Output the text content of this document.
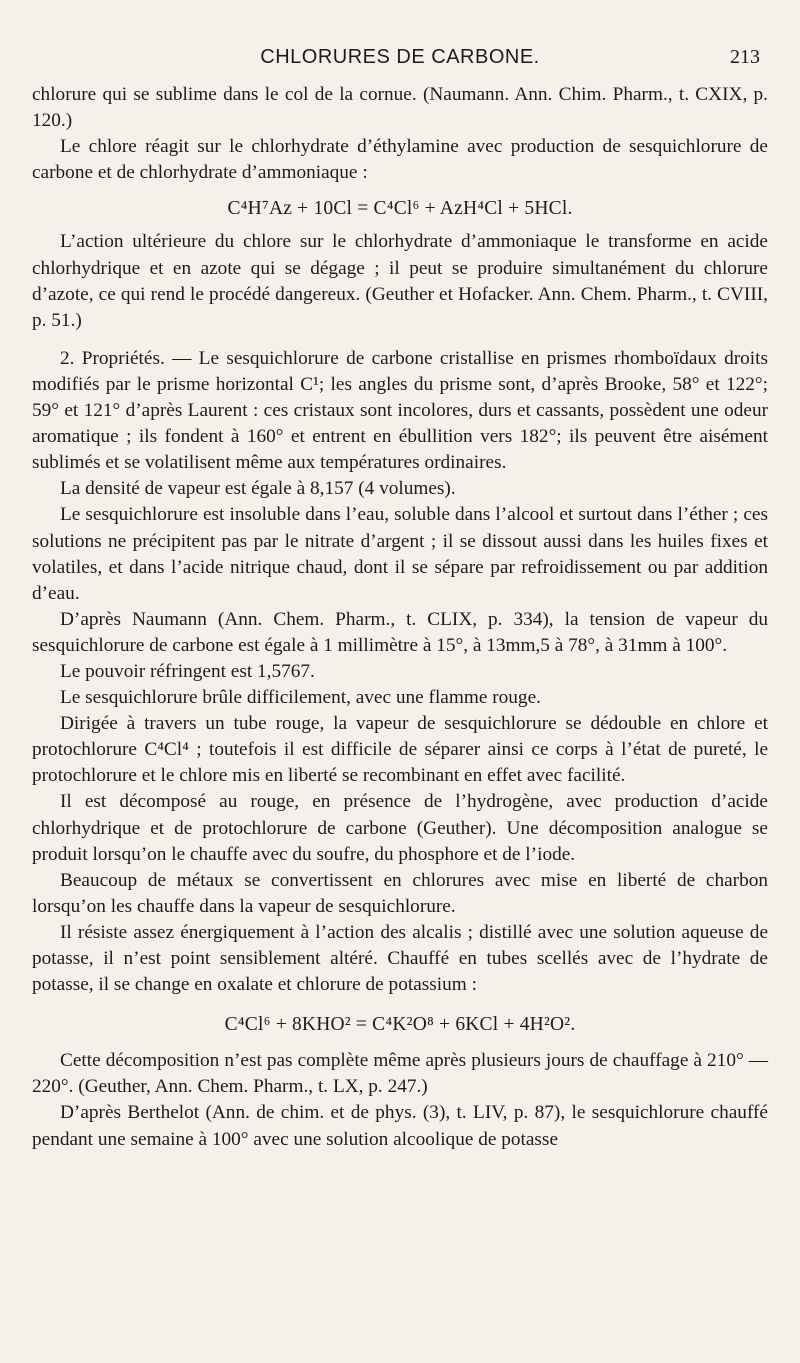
CHLORURES DE CARBONE.	213

chlorure qui se sublime dans le col de la cornue. (Naumann. Ann. Chim. Pharm., t. CXIX, p. 120.)

Le chlore réagit sur le chlorhydrate d’éthylamine avec production de sesquichlorure de carbone et de chlorhydrate d’ammoniaque :

C⁴H⁷Az + 10Cl = C⁴Cl⁶ + AzH⁴Cl + 5HCl.

L’action ultérieure du chlore sur le chlorhydrate d’ammoniaque le transforme en acide chlorhydrique et en azote qui se dégage ; il peut se produire simultanément du chlorure d’azote, ce qui rend le procédé dangereux. (Geuther et Hofacker. Ann. Chem. Pharm., t. CVIII, p. 51.)

2. Propriétés. — Le sesquichlorure de carbone cristallise en prismes rhomboïdaux droits modifiés par le prisme horizontal C¹; les angles du prisme sont, d’après Brooke, 58° et 122°; 59° et 121° d’après Laurent : ces cristaux sont incolores, durs et cassants, possèdent une odeur aromatique ; ils fondent à 160° et entrent en ébullition vers 182°; ils peuvent être aisément sublimés et se volatilisent même aux températures ordinaires.

La densité de vapeur est égale à 8,157 (4 volumes).

Le sesquichlorure est insoluble dans l’eau, soluble dans l’alcool et surtout dans l’éther ; ces solutions ne précipitent pas par le nitrate d’argent ; il se dissout aussi dans les huiles fixes et volatiles, et dans l’acide nitrique chaud, dont il se sépare par refroidissement ou par addition d’eau.

D’après Naumann (Ann. Chem. Pharm., t. CLIX, p. 334), la tension de vapeur du sesquichlorure de carbone est égale à 1 millimètre à 15°, à 13mm,5 à 78°, à 31mm à 100°.

Le pouvoir réfringent est 1,5767.

Le sesquichlorure brûle difficilement, avec une flamme rouge.

Dirigée à travers un tube rouge, la vapeur de sesquichlorure se dédouble en chlore et protochlorure C⁴Cl⁴ ; toutefois il est difficile de séparer ainsi ce corps à l’état de pureté, le protochlorure et le chlore mis en liberté se recombinant en effet avec facilité.

Il est décomposé au rouge, en présence de l’hydrogène, avec production d’acide chlorhydrique et de protochlorure de carbone (Geuther). Une décomposition analogue se produit lorsqu’on le chauffe avec du soufre, du phosphore et de l’iode.

Beaucoup de métaux se convertissent en chlorures avec mise en liberté de charbon lorsqu’on les chauffe dans la vapeur de sesquichlorure.

Il résiste assez énergiquement à l’action des alcalis ; distillé avec une solution aqueuse de potasse, il n’est point sensiblement altéré. Chauffé en tubes scellés avec de l’hydrate de potasse, il se change en oxalate et chlorure de potassium :

C⁴Cl⁶ + 8KHO² = C⁴K²O⁸ + 6KCl + 4H²O².

Cette décomposition n’est pas complète même après plusieurs jours de chauffage à 210° — 220°. (Geuther, Ann. Chem. Pharm., t. LX, p. 247.)

D’après Berthelot (Ann. de chim. et de phys. (3), t. LIV, p. 87), le sesquichlorure chauffé pendant une semaine à 100° avec une solution alcoolique de potasse
